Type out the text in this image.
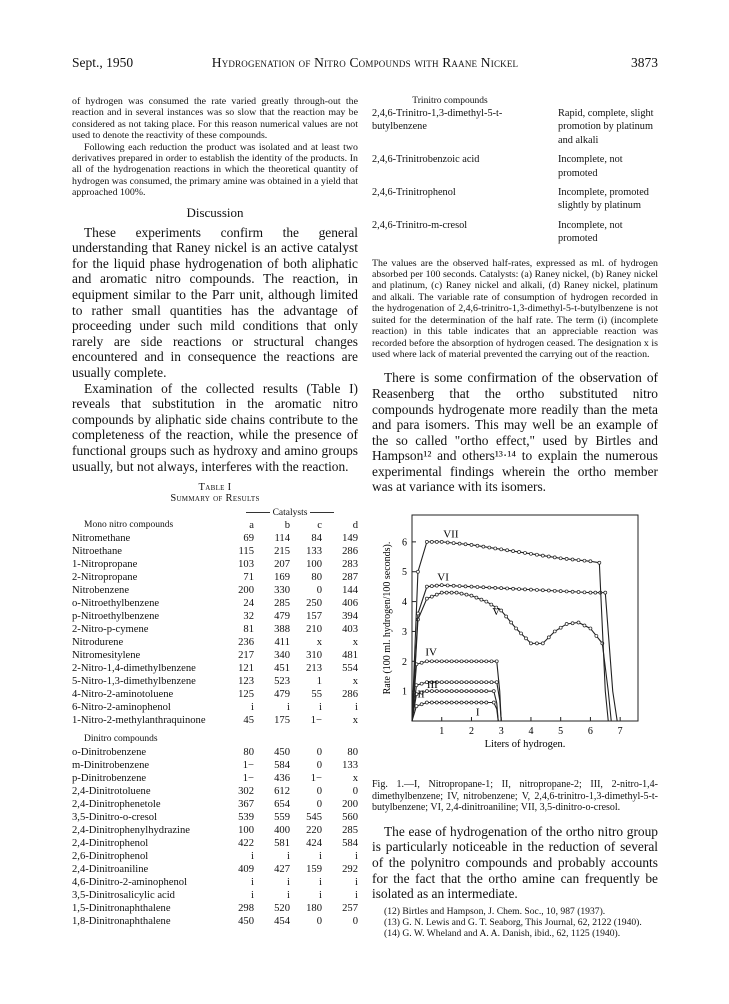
Sept., 1950	Hydrogenation of Nitro Compounds with Raane Nickel	3873

of hydrogen was consumed the rate varied greatly through-out the reaction and in several instances was so slow that the reaction may be considered as not taking place. For this reason numerical values are not used to denote the reactivity of these compounds.

Following each reduction the product was isolated and at least two derivatives prepared in order to establish the identity of the products. In all of the hydrogenation reactions in which the theoretical quantity of hydrogen was consumed, the primary amine was obtained in a yield that approached 100%.

Discussion

These experiments confirm the general understanding that Raney nickel is an active catalyst for the liquid phase hydrogenation of both aliphatic and aromatic nitro compounds. The reaction, in equipment similar to the Parr unit, although limited to rather small quantities has the advantage of proceeding under such mild conditions that only rarely are side reactions or structural changes encountered and in consequence the reactions are usually complete.

Examination of the collected results (Table I) reveals that substitution in the aromatic nitro compounds by aliphatic side chains contribute to the completeness of the reaction, while the presence of functional groups such as hydroxy and amino groups usually, but not always, interferes with the reaction.

Table I
Summary of Results
	Catalysts			
Mono nitro compounds	a	b	c	d
Nitromethane	69	114	84	149
Nitroethane	115	215	133	286
1-Nitropropane	103	207	100	283
2-Nitropropane	71	169	80	287
Nitrobenzene	200	330	0	144
o-Nitroethylbenzene	24	285	250	406
p-Nitroethylbenzene	32	479	157	394
2-Nitro-p-cymene	81	388	210	403
Nitrodurene	236	411	x	x
Nitromesitylene	217	340	310	481
2-Nitro-1,4-dimethylbenzene	121	451	213	554
5-Nitro-1,3-dimethylbenzene	123	523	1	x
4-Nitro-2-aminotoluene	125	479	55	286
6-Nitro-2-aminophenol	i	i	i	i
1-Nitro-2-methylanthraquinone	45	175	1−	x

Dinitro compounds				
o-Dinitrobenzene	80	450	0	80
m-Dinitrobenzene	1−	584	0	133
p-Dinitrobenzene	1−	436	1−	x
2,4-Dinitrotoluene	302	612	0	0
2,4-Dinitrophenetole	367	654	0	200
3,5-Dinitro-o-cresol	539	559	545	560
2,4-Dinitrophenylhydrazine	100	400	220	285
2,4-Dinitrophenol	422	581	424	584
2,6-Dinitrophenol	i	i	i	i
2,4-Dinitroaniline	409	427	159	292
4,6-Dinitro-2-aminophenol	i	i	i	i
3,5-Dinitrosalicylic acid	i	i	i	i
1,5-Dinitronaphthalene	298	520	180	257
1,8-Dinitronaphthalene	450	454	0	0
Trinitro compounds
2,4,6-Trinitro-1,3-dimethyl-5-t-butylbenzene	Rapid, complete, slight promotion by platinum and alkali
2,4,6-Trinitrobenzoic acid	Incomplete, not promoted
2,4,6-Trinitrophenol	Incomplete, promoted slightly by platinum
2,4,6-Trinitro-m-cresol	Incomplete, not promoted

The values are the observed half-rates, expressed as ml. of hydrogen absorbed per 100 seconds. Catalysts: (a) Raney nickel, (b) Raney nickel and platinum, (c) Raney nickel and alkali, (d) Raney nickel, platinum and alkali. The variable rate of consumption of hydrogen recorded in the hydrogenation of 2,4,6-trinitro-1,3-dimethyl-5-t-butylbenzene is not suited for the determination of the half rate. The term (i) (incomplete reaction) in this table indicates that an appreciable reaction was recorded before the absorption of hydrogen ceased. The designation x is used where lack of material prevented the carrying out of the reaction.

There is some confirmation of the observation of Reasenberg that the ortho substituted nitro compounds hydrogenate more readily than the meta and para isomers. This may well be an example of the so called "ortho effect," used by Birtles and Hampson¹² and others¹³·¹⁴ to explain the numerous experimental findings wherein the ortho member was at variance with its isomers.

1 2 3 4 5 6 7
1
2
3
4
5
6
Liters of hydrogen.
Rate (100 ml. hydrogen/100 seconds).
I
II
III
IV
V
VI
VII

Fig. 1.—I, Nitropropane-1; II, nitropropane-2; III, 2-nitro-1,4-dimethylbenzene; IV, nitrobenzene; V, 2,4,6-trinitro-1,3-dimethyl-5-t-butylbenzene; VI, 2,4-dinitroaniline; VII, 3,5-dinitro-o-cresol.

The ease of hydrogenation of the ortho nitro group is particularly noticeable in the reduction of several of the polynitro compounds and probably accounts for the fact that the ortho amine can frequently be isolated as an intermediate.

(12) Birtles and Hampson, J. Chem. Soc., 10, 987 (1937).
(13) G. N. Lewis and G. T. Seaborg, This Journal, 62, 2122 (1940).
(14) G. W. Wheland and A. A. Danish, ibid., 62, 1125 (1940).
